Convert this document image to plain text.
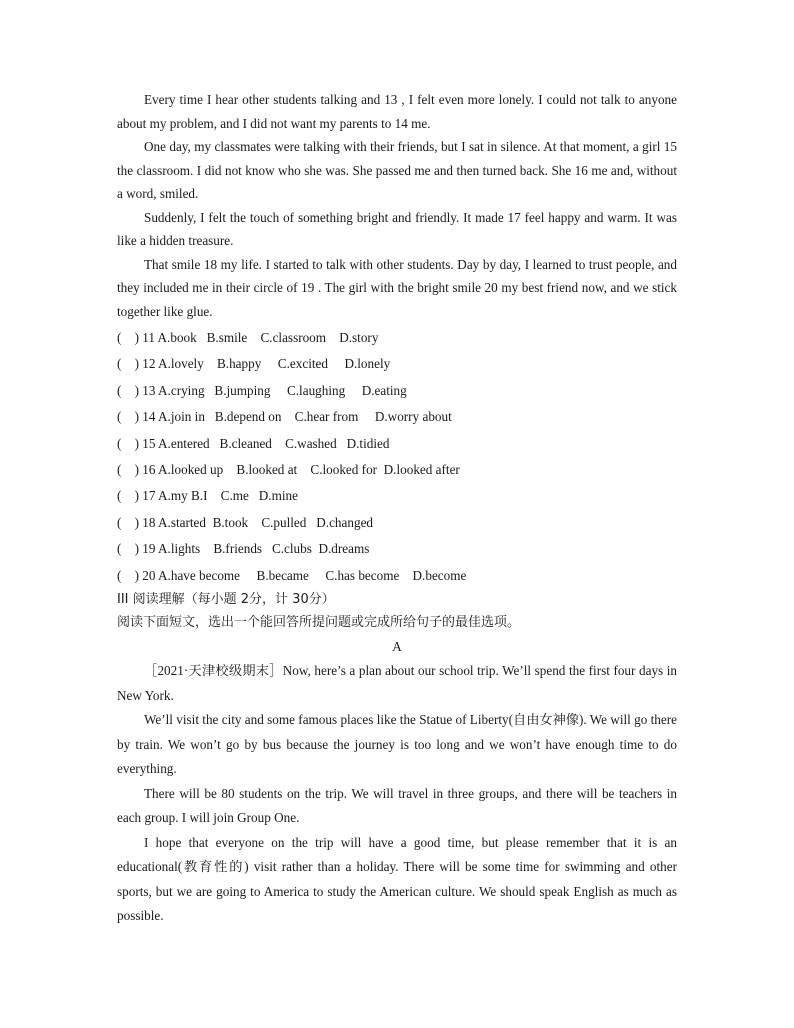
Every time I hear other students talking and 13 , I felt even more lonely. I could not talk to anyone about my problem, and I did not want my parents to 14 me.

One day, my classmates were talking with their friends, but I sat in silence. At that moment, a girl 15 the classroom. I did not know who she was. She passed me and then turned back. She 16 me and, without a word, smiled.

Suddenly, I felt the touch of something bright and friendly. It made 17 feel happy and warm. It was like a hidden treasure.

That smile 18 my life. I started to talk with other students. Day by day, I learned to trust people, and they included me in their circle of 19 . The girl with the bright smile 20 my best friend now, and we stick together like glue.

(    ) 11 A.book   B.smile    C.classroom    D.story

(    ) 12 A.lovely    B.happy     C.excited     D.lonely

(    ) 13 A.crying   B.jumping     C.laughing     D.eating

(    ) 14 A.join in   B.depend on    C.hear from     D.worry about

(    ) 15 A.entered   B.cleaned    C.washed   D.tidied

(    ) 16 A.looked up    B.looked at    C.looked for  D.looked after

(    ) 17 A.my B.I    C.me   D.mine

(    ) 18 A.started  B.took    C.pulled   D.changed

(    ) 19 A.lights    B.friends   C.clubs  D.dreams

(    ) 20 A.have become     B.became     C.has become    D.become

III 阅读理解（每小题 2分，计 30分）

阅读下面短文，选出一个能回答所提问题或完成所给句子的最佳选项。

A

［2021·天津校级期末］Now, here’s a plan about our school trip. We’ll spend the first four days in New York.

We’ll visit the city and some famous places like the Statue of Liberty(自由女神像). We will go there by train. We won’t go by bus because the journey is too long and we won’t have enough time to do everything.

There will be 80 students on the trip. We will travel in three groups, and there will be teachers in each group. I will join Group One.

I hope that everyone on the trip will have a good time, but please remember that it is an educational(教育性的) visit rather than a holiday. There will be some time for swimming and other sports, but we are going to America to study the American culture. We should speak English as much as possible.
